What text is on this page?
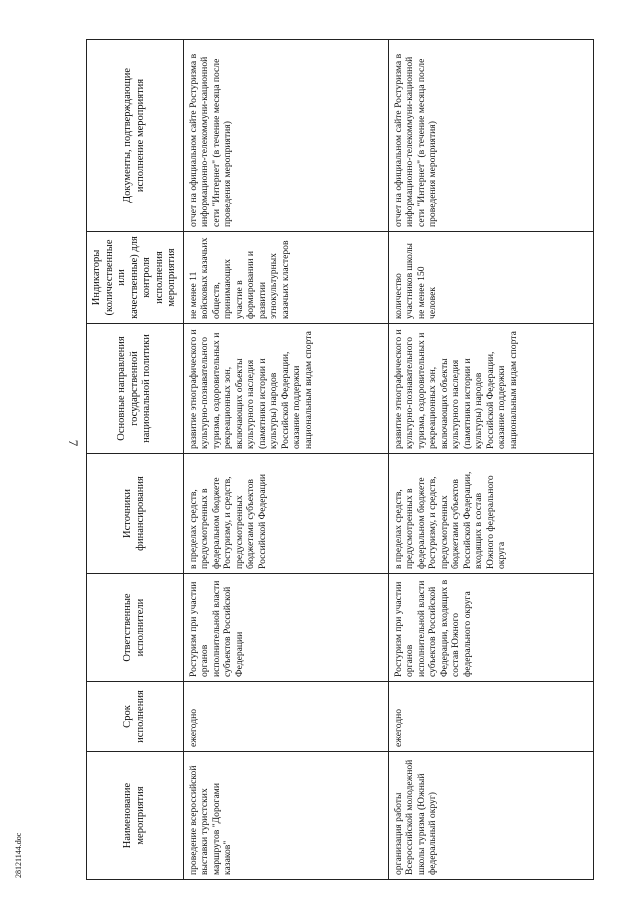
7
Наименование мероприятия	Срок исполнения	Ответственные исполнители	Источники финансирования	Основные направления государственной национальной политики	Индикаторы (количественные или качественные) для контроля исполнения мероприятия	Документы, подтверждающие исполнение мероприятия
проведение всероссийской выставки туристских маршрутов "Дорогами казаков"	ежегодно	Ростуризм при участии органов исполнительной власти субъектов Российской Федерации	в пределах средств, предусмотренных в федеральном бюджете Ростуризму, и средств, предусмотренных бюджетами субъектов Российской Федерации	развитие этнографического и культурно-познавательного туризма, оздоровительных и рекреационных зон, включающих объекты культурного наследия (памятники истории и культуры) народов Российской Федерации, оказание поддержки национальным видам спорта	не менее 11 войсковых казачьих обществ, принимающих участие в формировании и развитии этнокультурных казачьих кластеров	отчет на официальном сайте Ростуризма в информационно-телекоммуни-кационной сети "Интернет" (в течение месяца после проведения мероприятия)
организация работы Всероссийской молодежной школы туризма (Южный федеральный округ)	ежегодно	Ростуризм при участии органов исполнительной власти субъектов Российской Федерации, входящих в состав Южного федерального округа	в пределах средств, предусмотренных в федеральном бюджете Ростуризму, и средств, предусмотренных бюджетами субъектов Российской Федерации, входящих в состав Южного федерального округа	развитие этнографического и культурно-познавательного туризма, оздоровительных и рекреационных зон, включающих объекты культурного наследия (памятники истории и культуры) народов Российской Федерации, оказание поддержки национальным видам спорта	количество участников школы не менее 150 человек	отчет на официальном сайте Ростуризма в информационно-телекоммуни-кационной сети "Интернет" (в течение месяца после проведения мероприятия)
28121144.doc
